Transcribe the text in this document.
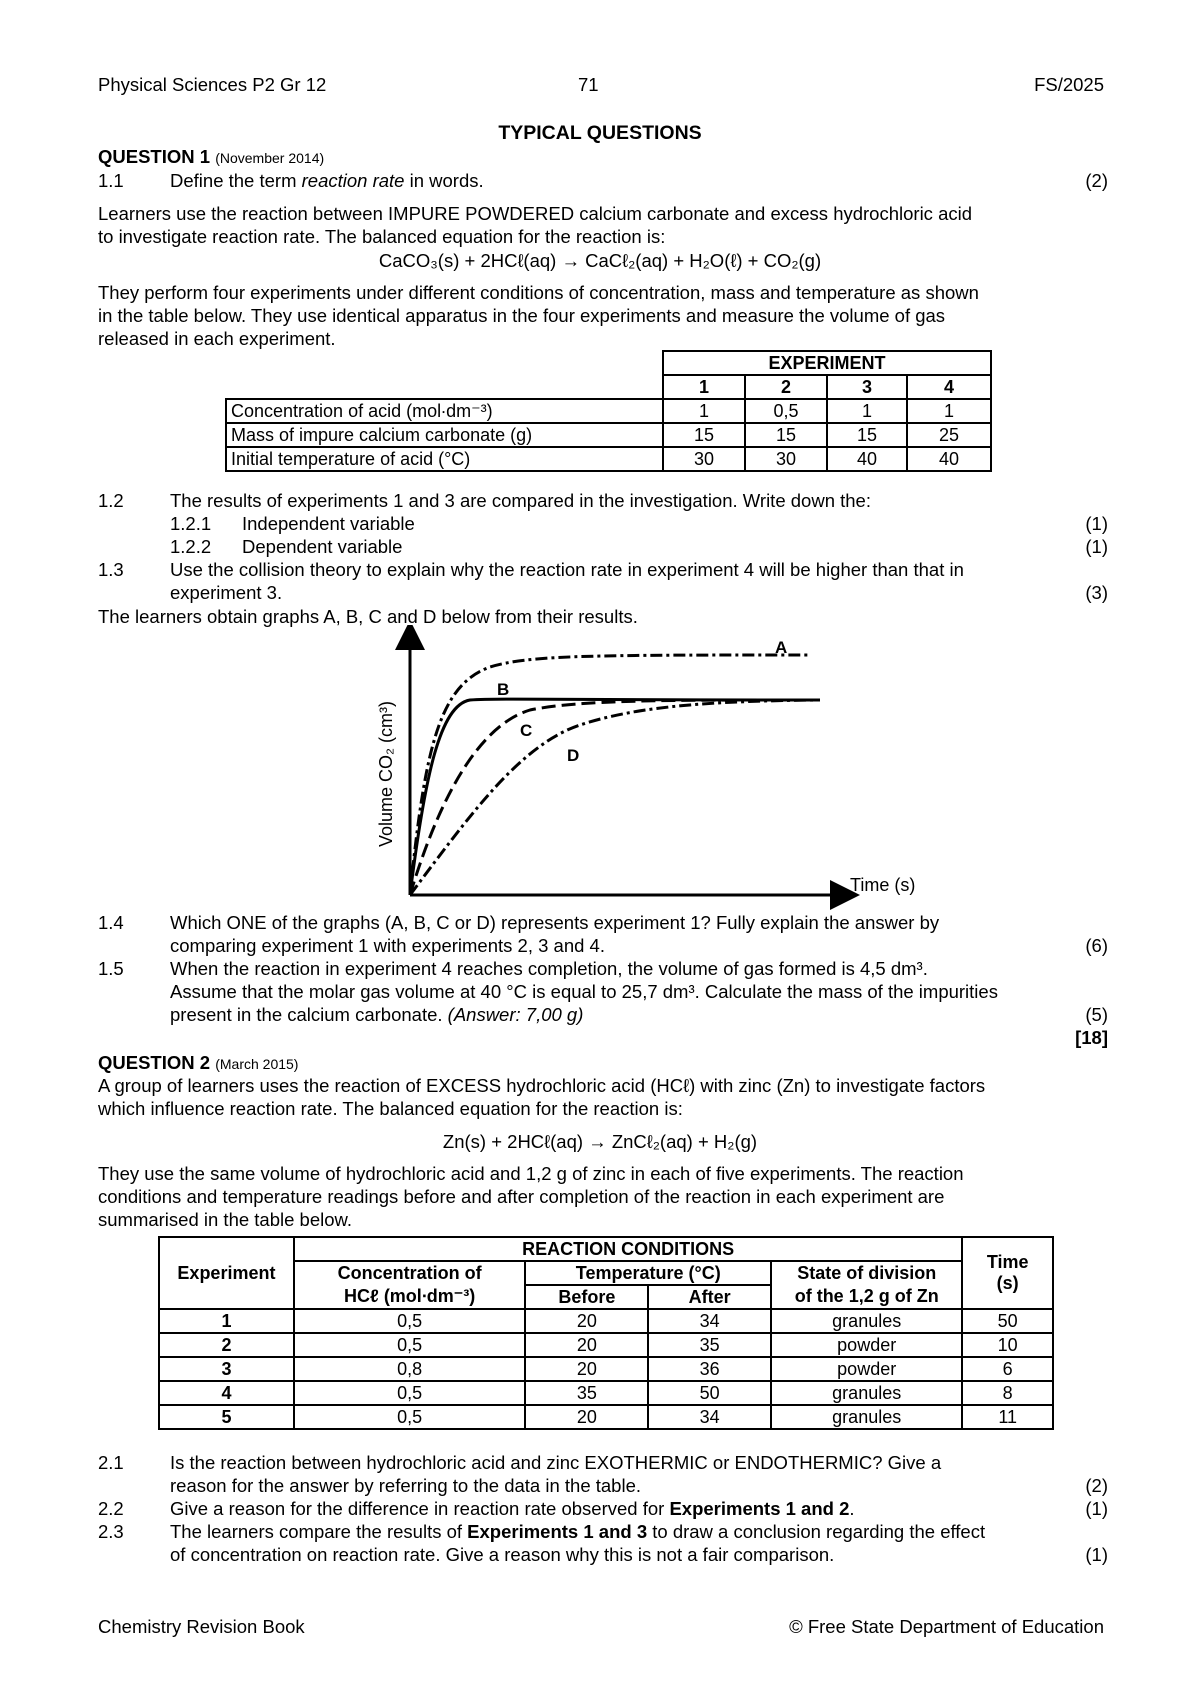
Physical Sciences P2 Gr 12	71	FS/2025
TYPICAL QUESTIONS
QUESTION 1 (November 2014)
1.1	Define the term reaction rate in words.	(2)
Learners use the reaction between IMPURE POWDERED calcium carbonate and excess hydrochloric acid
to investigate reaction rate. The balanced equation for the reaction is:
CaCO₃(s) + 2HCℓ(aq) → CaCℓ₂(aq) + H₂O(ℓ) + CO₂(g)
They perform four experiments under different conditions of concentration, mass and temperature as shown
in the table below. They use identical apparatus in the four experiments and measure the volume of gas
released in each experiment.
	EXPERIMENT			
	1	2	3	4
Concentration of acid (mol∙dm⁻³)	1	0,5	1	1
Mass of impure calcium carbonate (g)	15	15	15	25
Initial temperature of acid (°C)	30	30	40	40
1.2	The results of experiments 1 and 3 are compared in the investigation. Write down the:
1.2.1 Independent variable	(1)
1.2.2 Dependent variable	(1)
1.3	Use the collision theory to explain why the reaction rate in experiment 4 will be higher than that in
experiment 3.	(3)
The learners obtain graphs A, B, C and D below from their results.
A
B
C
D
Time (s)
Volume CO₂ (cm³)
1.4	Which ONE of the graphs (A, B, C or D) represents experiment 1? Fully explain the answer by
comparing experiment 1 with experiments 2, 3 and 4.	(6)
1.5	When the reaction in experiment 4 reaches completion, the volume of gas formed is 4,5 dm³.
Assume that the molar gas volume at 40 °C is equal to 25,7 dm³. Calculate the mass of the impurities
present in the calcium carbonate. (Answer: 7,00 g)	(5)
[18]
QUESTION 2 (March 2015)
A group of learners uses the reaction of EXCESS hydrochloric acid (HCℓ) with zinc (Zn) to investigate factors
which influence reaction rate. The balanced equation for the reaction is:
Zn(s) + 2HCℓ(aq) → ZnCℓ₂(aq) + H₂(g)
They use the same volume of hydrochloric acid and 1,2 g of zinc in each of five experiments. The reaction
conditions and temperature readings before and after completion of the reaction in each experiment are
summarised in the table below.
Experiment	REACTION CONDITIONS				Time
(s)
	Concentration of	Temperature (°C)		State of division	
	HCℓ (mol∙dm⁻³)	Before	After	of the 1,2 g of Zn	
1	0,5	20	34	granules	50
2	0,5	20	35	powder	10
3	0,8	20	36	powder	6
4	0,5	35	50	granules	8
5	0,5	20	34	granules	11
2.1	Is the reaction between hydrochloric acid and zinc EXOTHERMIC or ENDOTHERMIC? Give a
reason for the answer by referring to the data in the table.	(2)
2.2	Give a reason for the difference in reaction rate observed for Experiments 1 and 2.	(1)
2.3	The learners compare the results of Experiments 1 and 3 to draw a conclusion regarding the effect
of concentration on reaction rate. Give a reason why this is not a fair comparison.	(1)
Chemistry Revision Book	© Free State Department of Education
